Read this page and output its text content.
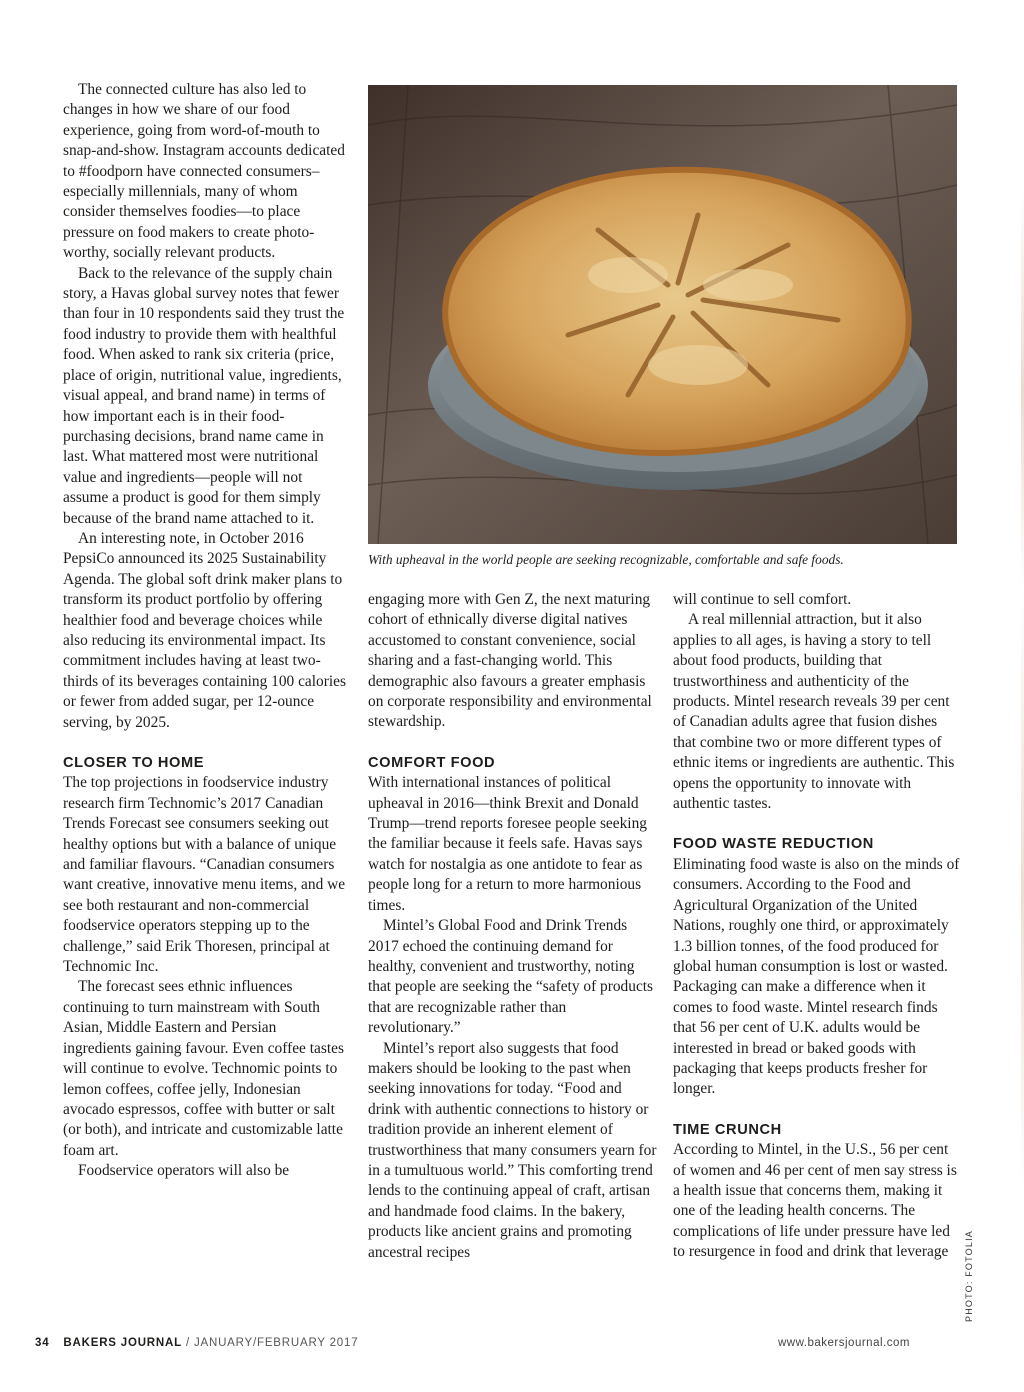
The connected culture has also led to changes in how we share of our food experience, going from word-of-mouth to snap-and-show. Instagram accounts dedicated to #foodporn have connected consumers–especially millennials, many of whom consider themselves foodies—to place pressure on food makers to create photo-worthy, socially relevant products.

Back to the relevance of the supply chain story, a Havas global survey notes that fewer than four in 10 respondents said they trust the food industry to provide them with healthful food. When asked to rank six criteria (price, place of origin, nutritional value, ingredients, visual appeal, and brand name) in terms of how important each is in their food-purchasing decisions, brand name came in last. What mattered most were nutritional value and ingredients—people will not assume a product is good for them simply because of the brand name attached to it.

An interesting note, in October 2016 PepsiCo announced its 2025 Sustainability Agenda. The global soft drink maker plans to transform its product portfolio by offering healthier food and beverage choices while also reducing its environmental impact. Its commitment includes having at least two-thirds of its beverages containing 100 calories or fewer from added sugar, per 12-ounce serving, by 2025.

CLOSER TO HOME

The top projections in foodservice industry research firm Technomic’s 2017 Canadian Trends Forecast see consumers seeking out healthy options but with a balance of unique and familiar flavours. “Canadian consumers want creative, innovative menu items, and we see both restaurant and non-commercial foodservice operators stepping up to the challenge,” said Erik Thoresen, principal at Technomic Inc.

The forecast sees ethnic influences continuing to turn mainstream with South Asian, Middle Eastern and Persian ingredients gaining favour. Even coffee tastes will continue to evolve. Technomic points to lemon coffees, coffee jelly, Indonesian avocado espressos, coffee with butter or salt (or both), and intricate and customizable latte foam art.

Foodservice operators will also be

With upheaval in the world people are seeking recognizable, comfortable and safe foods.

engaging more with Gen Z, the next maturing cohort of ethnically diverse digital natives accustomed to constant convenience, social sharing and a fast-changing world. This demographic also favours a greater emphasis on corporate responsibility and environmental stewardship.

COMFORT FOOD

With international instances of political upheaval in 2016—think Brexit and Donald Trump—trend reports foresee people seeking the familiar because it feels safe. Havas says watch for nostalgia as one antidote to fear as people long for a return to more harmonious times.

Mintel’s Global Food and Drink Trends 2017 echoed the continuing demand for healthy, convenient and trustworthy, noting that people are seeking the “safety of products that are recognizable rather than revolutionary.”

Mintel’s report also suggests that food makers should be looking to the past when seeking innovations for today. “Food and drink with authentic connections to history or tradition provide an inherent element of trustworthiness that many consumers yearn for in a tumultuous world.” This comforting trend lends to the continuing appeal of craft, artisan and handmade food claims. In the bakery, products like ancient grains and promoting ancestral recipes

will continue to sell comfort.

A real millennial attraction, but it also applies to all ages, is having a story to tell about food products, building that trustworthiness and authenticity of the products. Mintel research reveals 39 per cent of Canadian adults agree that fusion dishes that combine two or more different types of ethnic items or ingredients are authentic. This opens the opportunity to innovate with authentic tastes.

FOOD WASTE REDUCTION

Eliminating food waste is also on the minds of consumers. According to the Food and Agricultural Organization of the United Nations, roughly one third, or approximately 1.3 billion tonnes, of the food produced for global human consumption is lost or wasted. Packaging can make a difference when it comes to food waste. Mintel research finds that 56 per cent of U.K. adults would be interested in bread or baked goods with packaging that keeps products fresher for longer.

TIME CRUNCH

According to Mintel, in the U.S., 56 per cent of women and 46 per cent of men say stress is a health issue that concerns them, making it one of the leading health concerns. The complications of life under pressure have led to resurgence in food and drink that leverage	PHOTO: FOTOLIA
34 BAKERS JOURNAL / JANUARY/FEBRUARY 2017	www.bakersjournal.com
